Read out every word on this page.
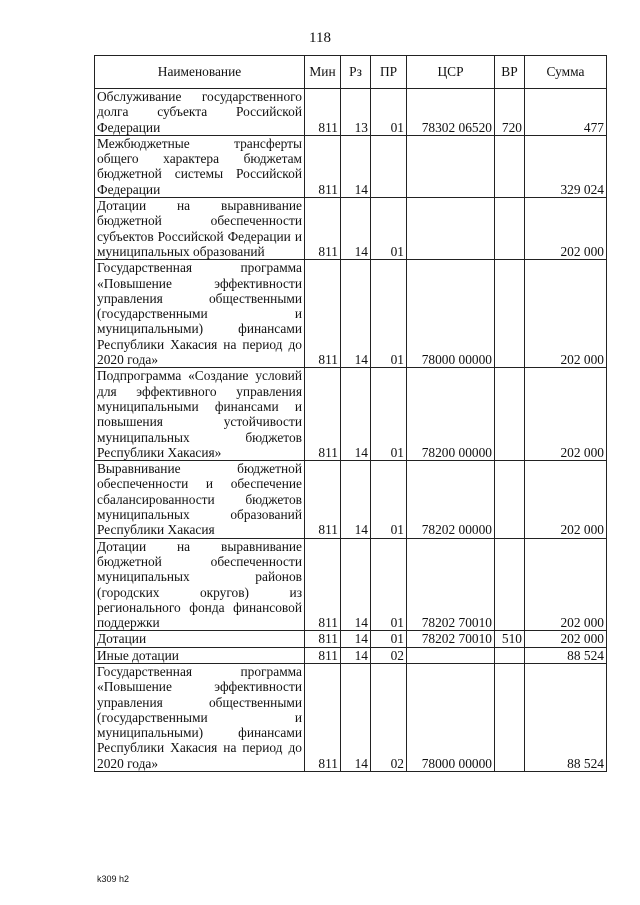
118
Наименование	Мин	Рз	ПР	ЦСР	ВР	Сумма
Обслуживание государственного долга субъекта Российской Федерации	811	13	01	78302 06520	720	477
Межбюджетные трансферты общего характера бюджетам бюджетной системы Российской Федерации	811	14				329 024
Дотации на выравнивание бюджетной обеспеченности субъектов Российской Федерации и муниципальных образований	811	14	01			202 000
Государственная программа «Повышение эффективности управления общественными (государственными и муниципальными) финансами Республики Хакасия на период до 2020 года»	811	14	01	78000 00000		202 000
Подпрограмма «Создание условий для эффективного управления муниципальными финансами и повышения устойчивости муниципальных бюджетов Республики Хакасия»	811	14	01	78200 00000		202 000
Выравнивание бюджетной обеспеченности и обеспечение сбалансированности бюджетов муниципальных образований Республики Хакасия	811	14	01	78202 00000		202 000
Дотации на выравнивание бюджетной обеспеченности муниципальных районов (городских округов) из регионального фонда финансовой поддержки	811	14	01	78202 70010		202 000
Дотации	811	14	01	78202 70010	510	202 000
Иные дотации	811	14	02			88 524
Государственная программа «Повышение эффективности управления общественными (государственными и муниципальными) финансами Республики Хакасия на период до 2020 года»	811	14	02	78000 00000		88 524
k309 h2
